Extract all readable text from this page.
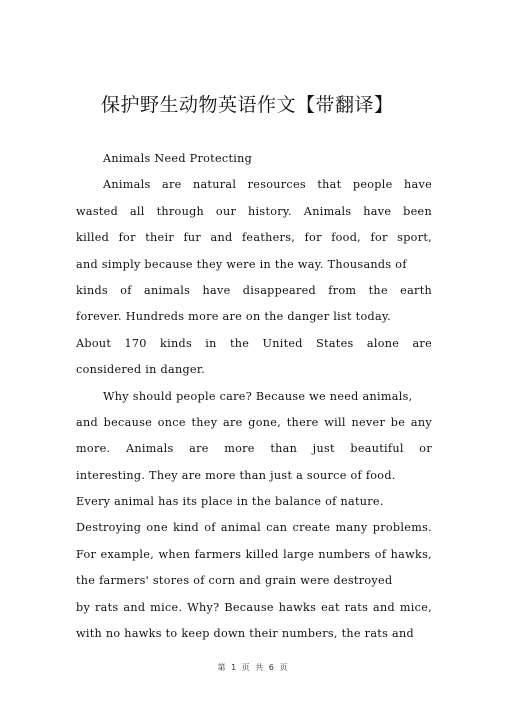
保护野生动物英语作文【带翻译】
Animals Need Protecting
Animals are natural resources that people have
wasted all through our history. Animals have been
killed for their fur and feathers, for food, for sport,
and simply because they were in the way. Thousands of
kinds of animals have disappeared from the earth
forever. Hundreds more are on the danger list today.
About 170 kinds in the United States alone are
considered in danger.
Why should people care? Because we need animals,
and because once they are gone, there will never be any
more. Animals are more than just beautiful or
interesting. They are more than just a source of food.
Every animal has its place in the balance of nature.
Destroying one kind of animal can create many problems.
For example, when farmers killed large numbers of hawks,
the farmers' stores of corn and grain were destroyed
by rats and mice. Why? Because hawks eat rats and mice,
with no hawks to keep down their numbers, the rats and
第 1 页 共 6 页
